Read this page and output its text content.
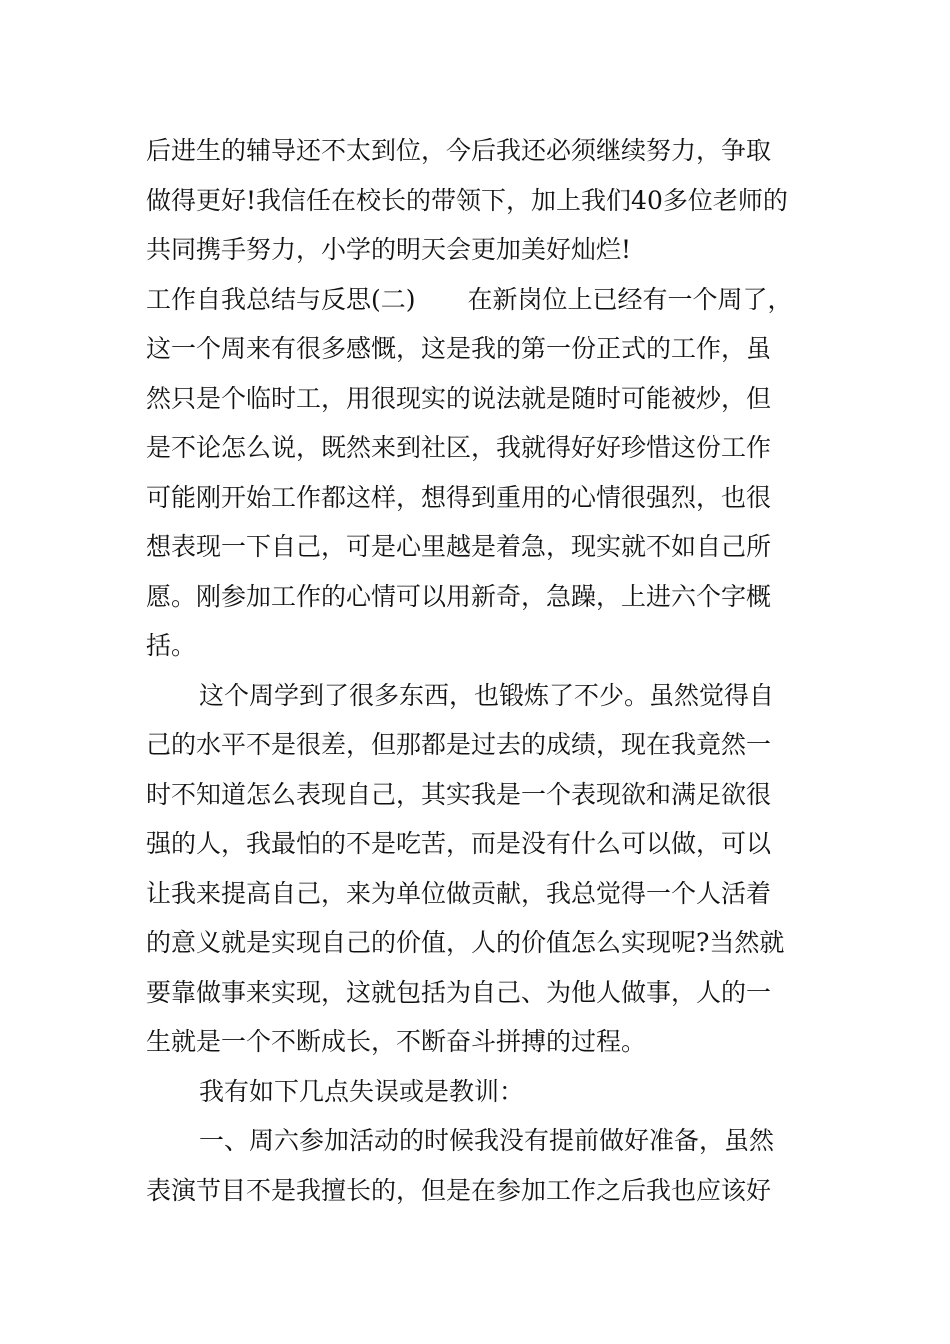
后进生的辅导还不太到位，今后我还必须继续努力，争取
做得更好!我信任在校长的带领下，加上我们40多位老师的
共同携手努力，小学的明天会更加美好灿烂!
工作自我总结与反思(二) 在新岗位上已经有一个周了，
这一个周来有很多感慨，这是我的第一份正式的工作，虽
然只是个临时工，用很现实的说法就是随时可能被炒，但
是不论怎么说，既然来到社区，我就得好好珍惜这份工作
可能刚开始工作都这样，想得到重用的心情很强烈，也很
想表现一下自己，可是心里越是着急，现实就不如自己所
愿。刚参加工作的心情可以用新奇，急躁，上进六个字概
括。
这个周学到了很多东西，也锻炼了不少。虽然觉得自
己的水平不是很差，但那都是过去的成绩，现在我竟然一
时不知道怎么表现自己，其实我是一个表现欲和满足欲很
强的人，我最怕的不是吃苦，而是没有什么可以做，可以
让我来提高自己，来为单位做贡献，我总觉得一个人活着
的意义就是实现自己的价值，人的价值怎么实现呢?当然就
要靠做事来实现，这就包括为自己、为他人做事，人的一
生就是一个不断成长，不断奋斗拼搏的过程。
我有如下几点失误或是教训：
一、周六参加活动的时候我没有提前做好准备，虽然
表演节目不是我擅长的，但是在参加工作之后我也应该好
